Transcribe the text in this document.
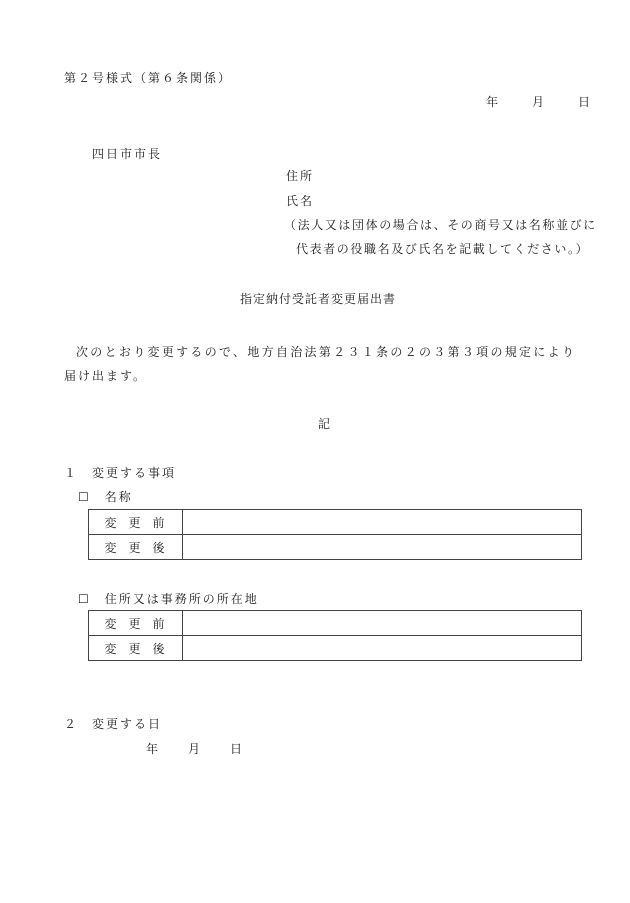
第２号様式（第６条関係）
年	月	日
四日市市長
住所
氏名
（法人又は団体の場合は、その商号又は名称並びに
代表者の役職名及び氏名を記載してください。）
指定納付受託者変更届出書
次のとおり変更するので、地方自治法第２３１条の２の３第３項の規定により
届け出ます。
記
１　変更する事項
☐　名称
変更前	
変更後	
☐　住所又は事務所の所在地
変更前	
変更後	
２　変更する日
年 月 日
